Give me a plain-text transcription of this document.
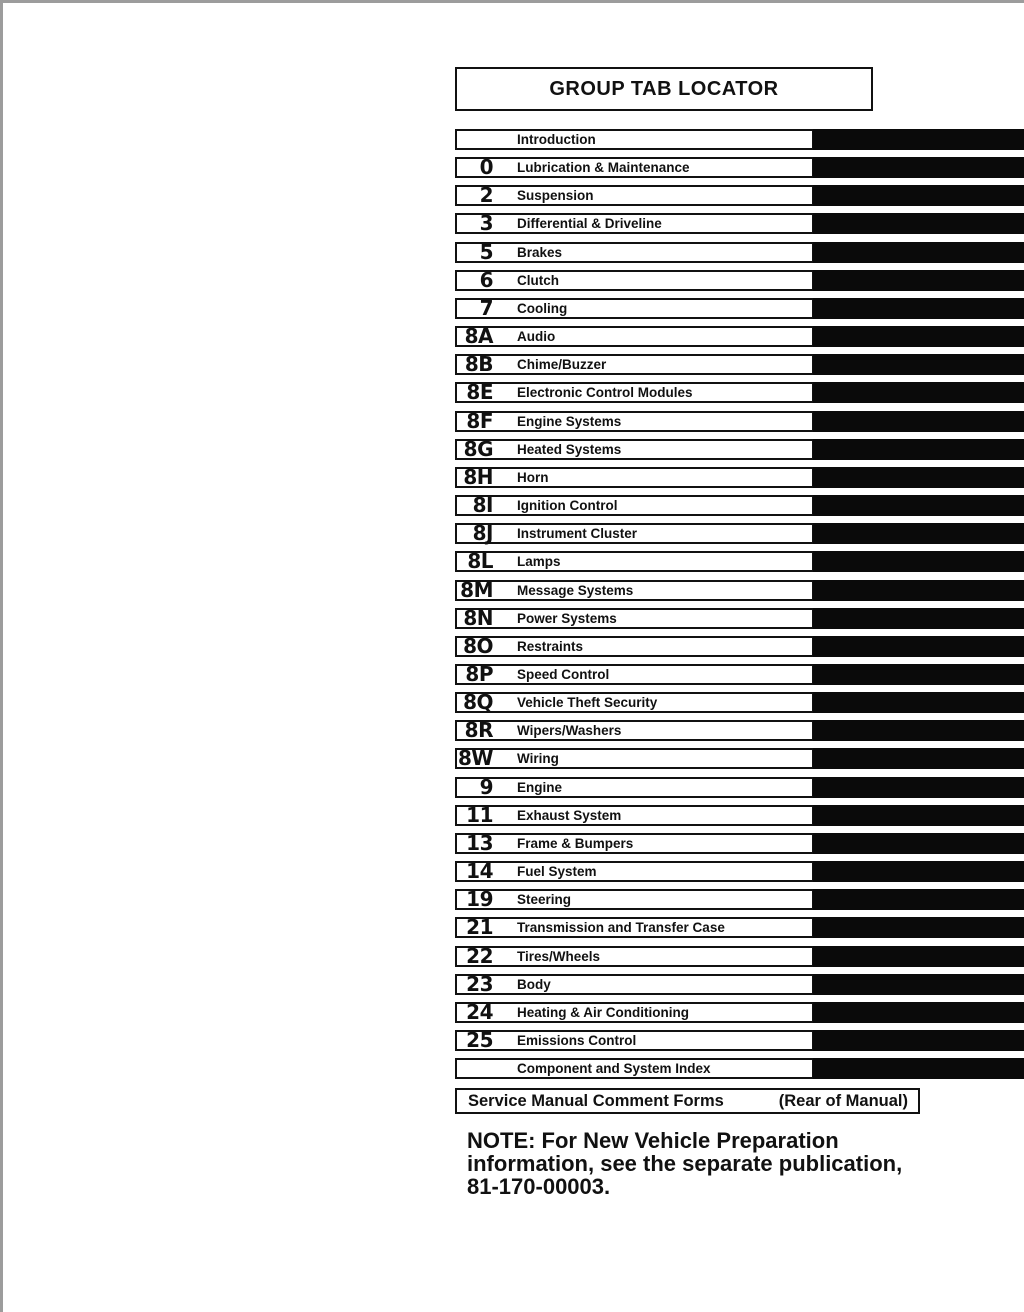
GROUP TAB LOCATOR
Introduction
0 Lubrication & Maintenance
2 Suspension
3 Differential & Driveline
5 Brakes
6 Clutch
7 Cooling
8A Audio
8B Chime/Buzzer
8E Electronic Control Modules
8F Engine Systems
8G Heated Systems
8H Horn
8I Ignition Control
8J Instrument Cluster
8L Lamps
8M Message Systems
8N Power Systems
8O Restraints
8P Speed Control
8Q Vehicle Theft Security
8R Wipers/Washers
8W Wiring
9 Engine
11 Exhaust System
13 Frame & Bumpers
14 Fuel System
19 Steering
21 Transmission and Transfer Case
22 Tires/Wheels
23 Body
24 Heating & Air Conditioning
25 Emissions Control
Component and System Index
Service Manual Comment Forms	(Rear of Manual)
NOTE: For New Vehicle Preparation information, see the separate publication, 81-170-00003.
